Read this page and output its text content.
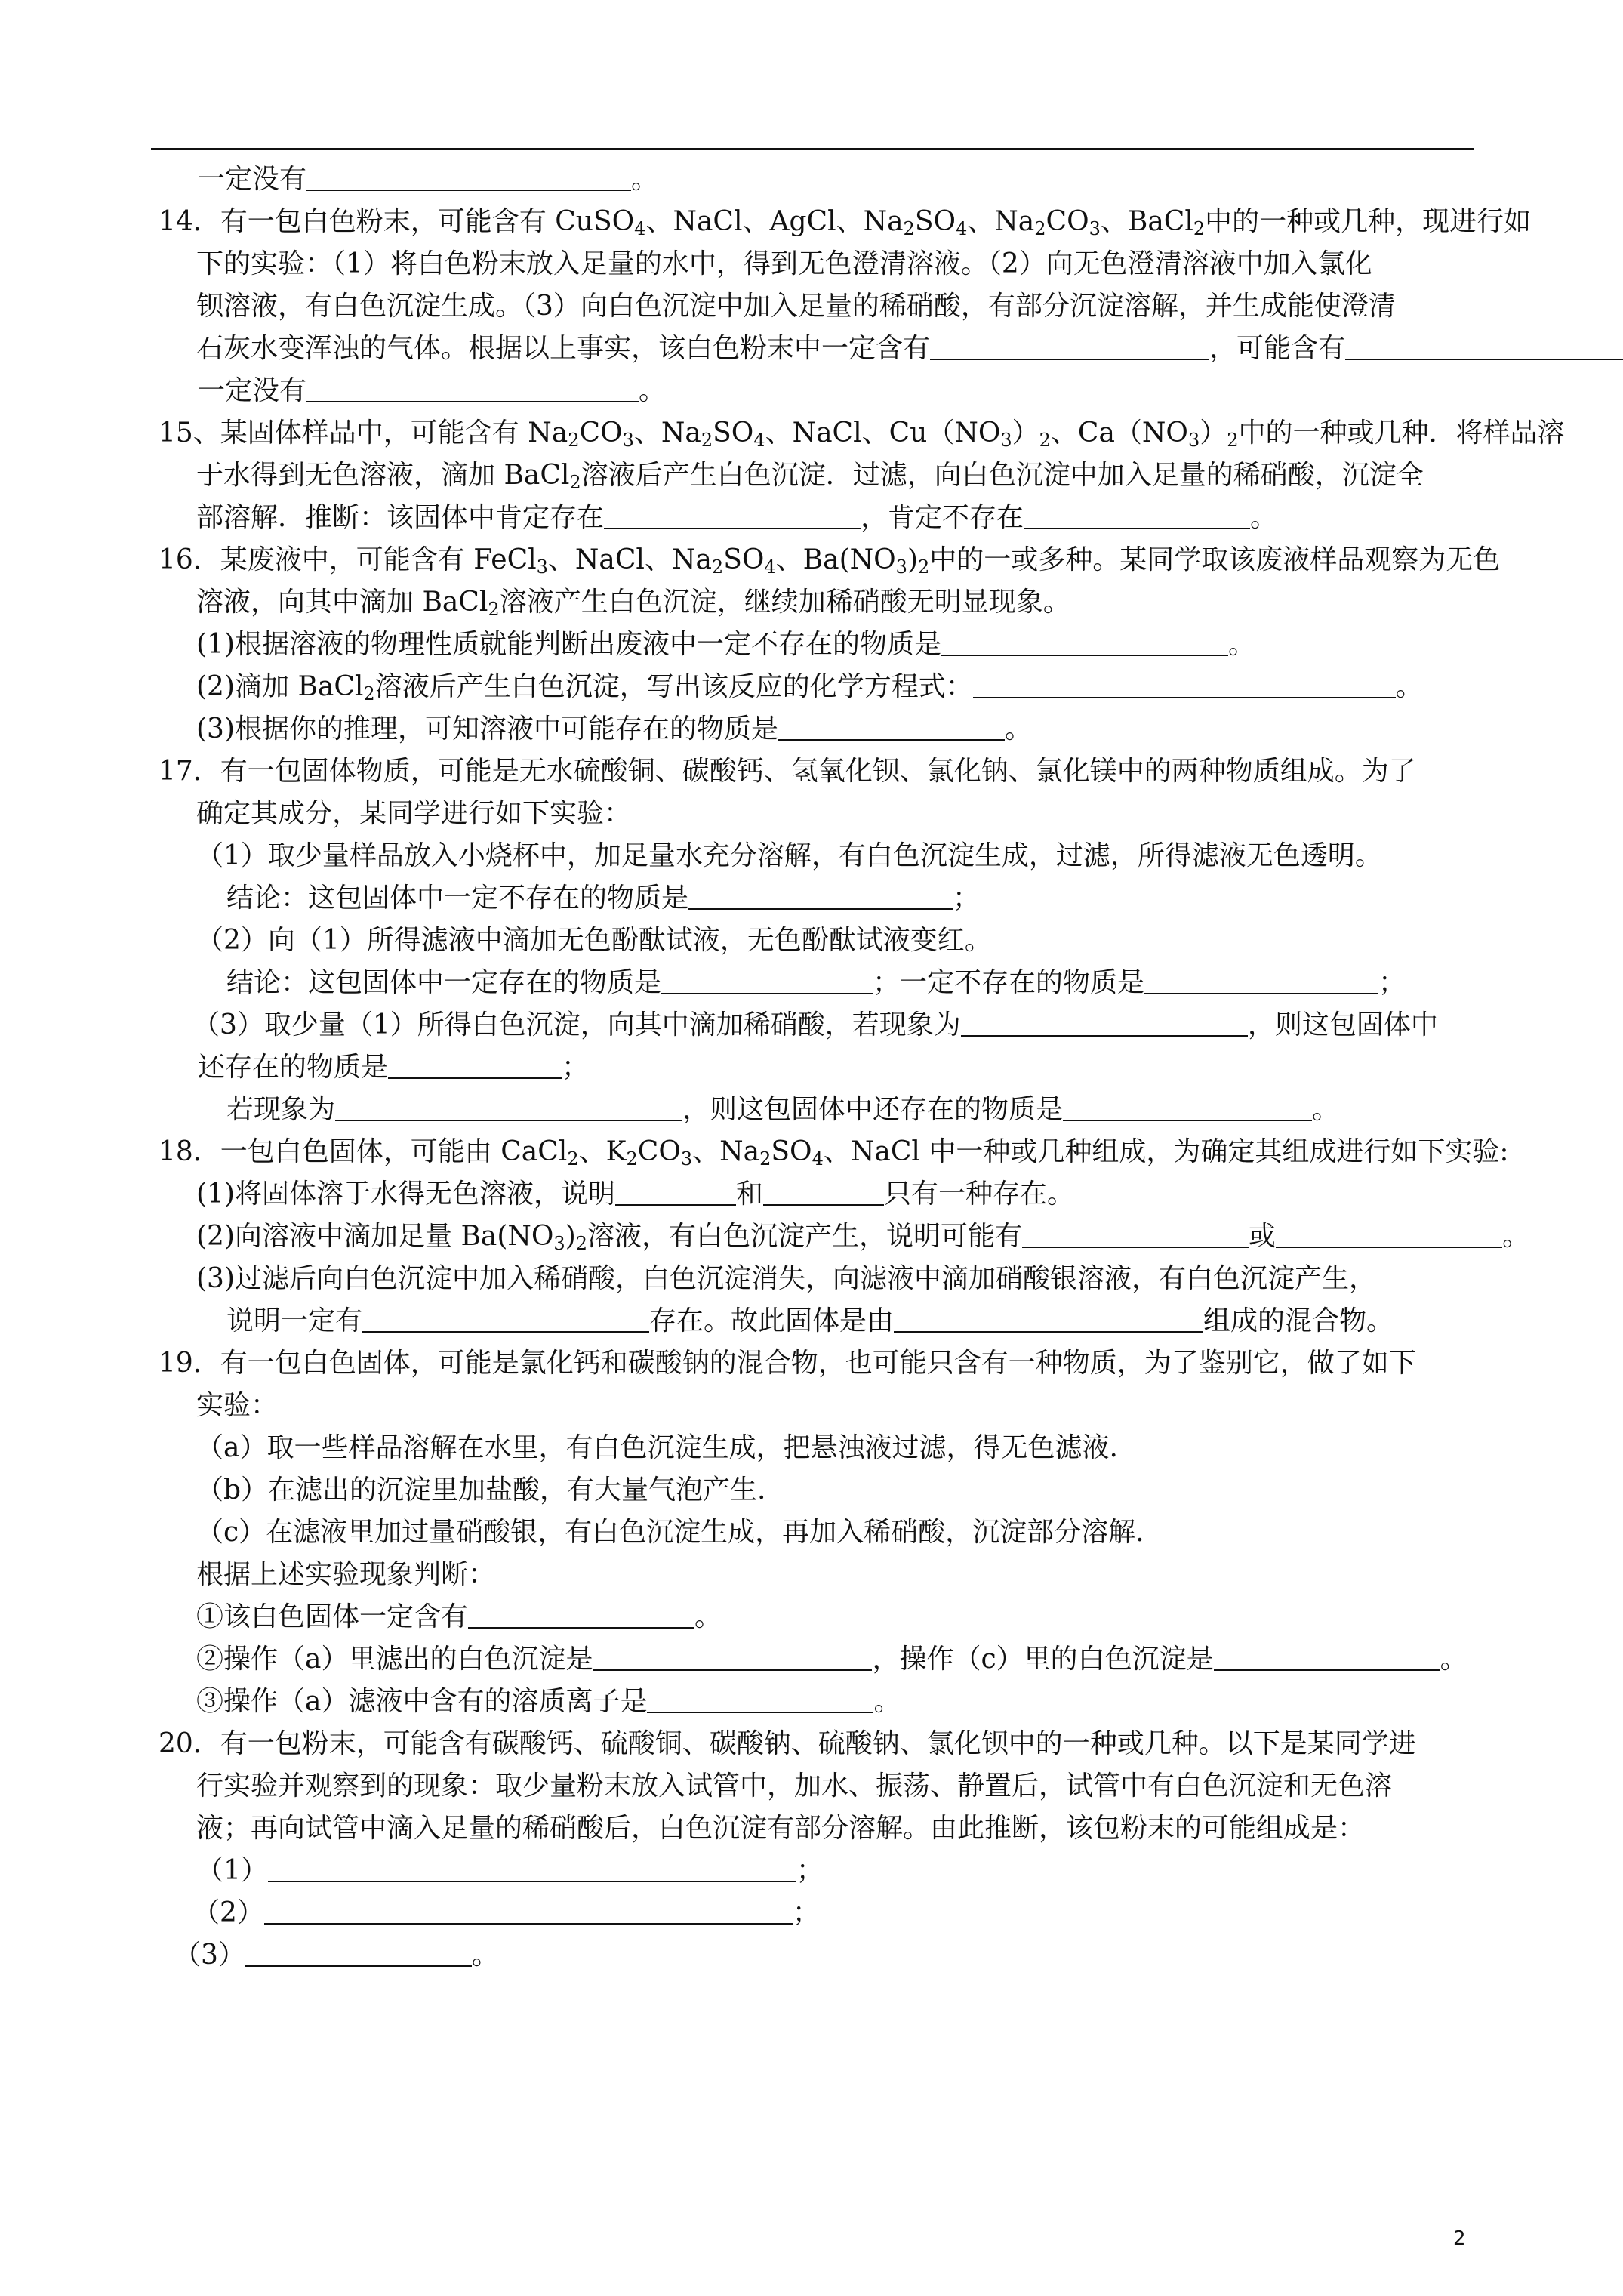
一定没有	。
14．有一包白色粉末，可能含有 CuSO$_4$、NaCl、AgCl、$Na_2SO_4$、$Na_2CO_3$、BaCl$_2$中的一种或几种，现进行如
下的实验：（1）将白色粉末放入足量的水中，得到无色澄清溶液。（2）向无色澄清溶液中加入氯化
钡溶液，有白色沉淀生成。（3）向白色沉淀中加入足量的稀硝酸，有部分沉淀溶解，并生成能使澄清
石灰水变浑浊的气体。根据以上事实，该白色粉末中一定含有	，可能含有
一定没有	。
15、某固体样品中，可能含有 $Na_2CO_3$、$Na_2SO_4$、NaCl、$Cu(NO_3)_2$、$Ca(NO_3)_2$中的一种或几种．将样品溶
于水得到无色溶液，滴加 BaCl$_2$溶液后产生白色沉淀．过滤，向白色沉淀中加入足量的稀硝酸，沉淀全
部溶解．推断：该固体中肯定存在	，肯定不存在	。
16．某废液中，可能含有 FeCl$_3$、NaCl、$Na_2SO_4$、$Ba(NO_3)_2$中的一或多种。某同学取该废液样品观察为无色
溶液，向其中滴加 BaCl$_2$溶液产生白色沉淀，继续加稀硝酸无明显现象。
(1)根据溶液的物理性质就能判断出废液中一定不存在的物质是	。
(2)滴加 BaCl$_2$溶液后产生白色沉淀，写出该反应的化学方程式：	。
(3)根据你的推理，可知溶液中可能存在的物质是	。
17．有一包固体物质，可能是无水硫酸铜、碳酸钙、氢氧化钡、氯化钠、氯化镁中的两种物质组成。为了
确定其成分，某同学进行如下实验：
（1）取少量样品放入小烧杯中，加足量水充分溶解，有白色沉淀生成，过滤，所得滤液无色透明。
结论：这包固体中一定不存在的物质是	；
（2）向（1）所得滤液中滴加无色酚酞试液，无色酚酞试液变红。
结论：这包固体中一定存在的物质是	；一定不存在的物质是	；
（3）取少量（1）所得白色沉淀，向其中滴加稀硝酸，若现象为	，则这包固体中
还存在的物质是	；
若现象为	，则这包固体中还存在的物质是	。
18．一包白色固体，可能由 CaCl$_2$、$K_2CO_3$、$Na_2SO_4$、NaCl 中一种或几种组成，为确定其组成进行如下实验:
(1)将固体溶于水得无色溶液，说明	和	只有一种存在。
(2)向溶液中滴加足量 $Ba(NO_3)_2$溶液，有白色沉淀产生，说明可能有	或	。
(3)过滤后向白色沉淀中加入稀硝酸，白色沉淀消失，向滤液中滴加硝酸银溶液，有白色沉淀产生，
说明一定有	存在。故此固体是由	组成的混合物。
19．有一包白色固体，可能是氯化钙和碳酸钠的混合物，也可能只含有一种物质，为了鉴别它，做了如下
实验：
（a）取一些样品溶解在水里，有白色沉淀生成，把悬浊液过滤，得无色滤液.
（b）在滤出的沉淀里加盐酸，有大量气泡产生.
（c）在滤液里加过量硝酸银，有白色沉淀生成，再加入稀硝酸，沉淀部分溶解.
根据上述实验现象判断：
①该白色固体一定含有	。
②操作（a）里滤出的白色沉淀是	，操作（c）里的白色沉淀是	。
③操作（a）滤液中含有的溶质离子是	。
20．有一包粉末，可能含有碳酸钙、硫酸铜、碳酸钠、硫酸钠、氯化钡中的一种或几种。以下是某同学进
行实验并观察到的现象：取少量粉末放入试管中，加水、振荡、静置后，试管中有白色沉淀和无色溶
液；再向试管中滴入足量的稀硝酸后，白色沉淀有部分溶解。由此推断，该包粉末的可能组成是：
（1）	；
（2）	；
（3）	。
2
